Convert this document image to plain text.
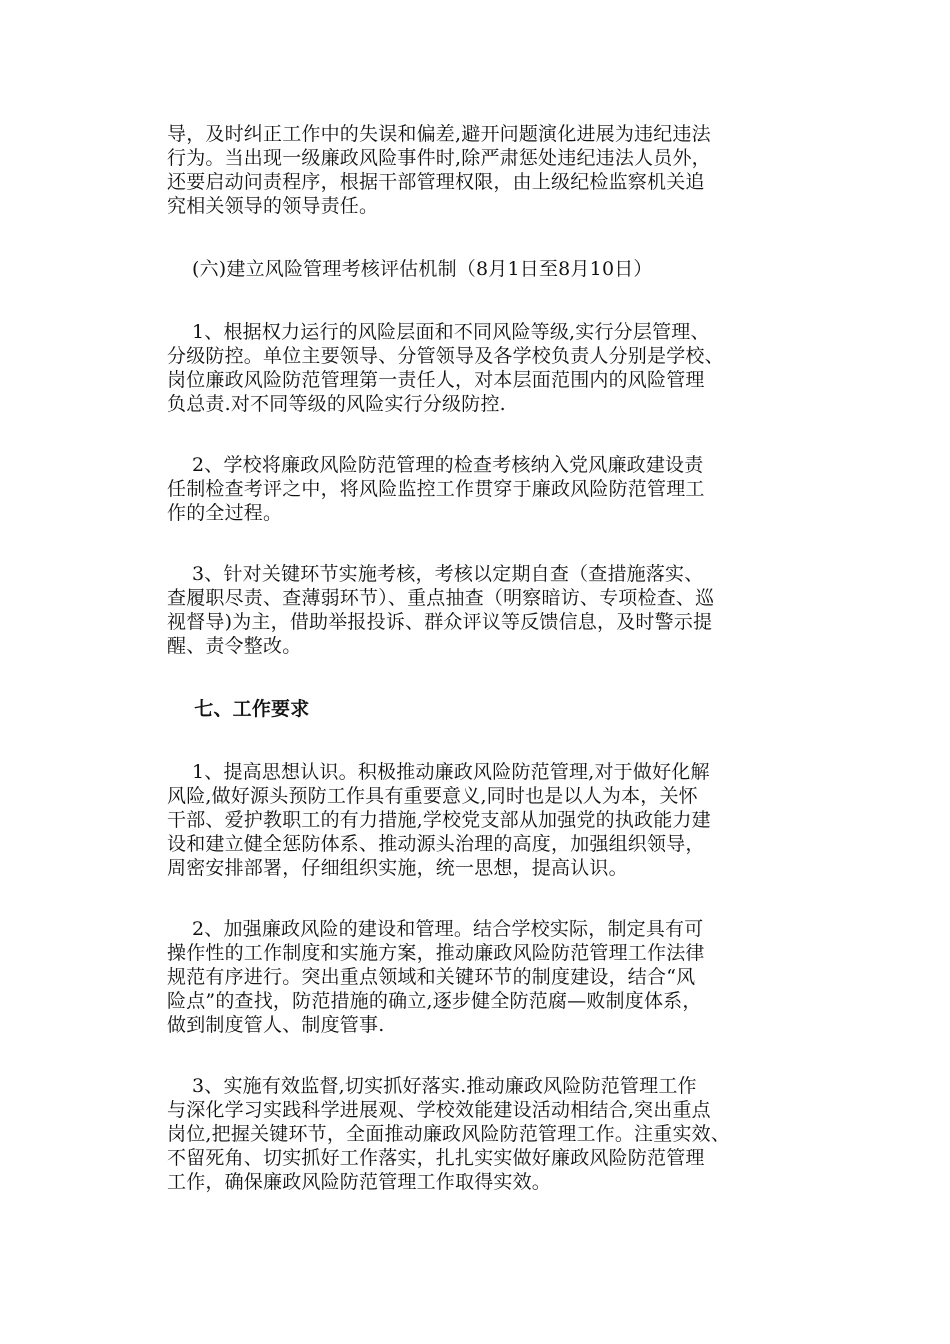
导，及时纠正工作中的失误和偏差,避开问题演化进展为违纪违法
行为。当出现一级廉政风险事件时,除严肃惩处违纪违法人员外，
还要启动问责程序，根据干部管理权限，由上级纪检监察机关追
究相关领导的领导责任。
(六)建立风险管理考核评估机制（8月1日至8月10日）
1、根据权力运行的风险层面和不同风险等级,实行分层管理、
分级防控。单位主要领导、分管领导及各学校负责人分别是学校、
岗位廉政风险防范管理第一责任人，对本层面范围内的风险管理
负总责.对不同等级的风险实行分级防控.
2、学校将廉政风险防范管理的检查考核纳入党风廉政建设责
任制检查考评之中，将风险监控工作贯穿于廉政风险防范管理工
作的全过程。
3、针对关键环节实施考核，考核以定期自查（查措施落实、
查履职尽责、查薄弱环节）、重点抽查（明察暗访、专项检查、巡
视督导)为主，借助举报投诉、群众评议等反馈信息，及时警示提
醒、责令整改。
七、工作要求
1、提高思想认识。积极推动廉政风险防范管理,对于做好化解
风险,做好源头预防工作具有重要意义,同时也是以人为本，关怀
干部、爱护教职工的有力措施,学校党支部从加强党的执政能力建
设和建立健全惩防体系、推动源头治理的高度，加强组织领导，
周密安排部署，仔细组织实施，统一思想，提高认识。
2、加强廉政风险的建设和管理。结合学校实际，制定具有可
操作性的工作制度和实施方案，推动廉政风险防范管理工作法律
规范有序进行。突出重点领域和关键环节的制度建设，结合“风
险点”的查找，防范措施的确立,逐步健全防范腐—败制度体系，
做到制度管人、制度管事.
3、实施有效监督,切实抓好落实.推动廉政风险防范管理工作
与深化学习实践科学进展观、学校效能建设活动相结合,突出重点
岗位,把握关键环节，全面推动廉政风险防范管理工作。注重实效、
不留死角、切实抓好工作落实，扎扎实实做好廉政风险防范管理
工作，确保廉政风险防范管理工作取得实效。
